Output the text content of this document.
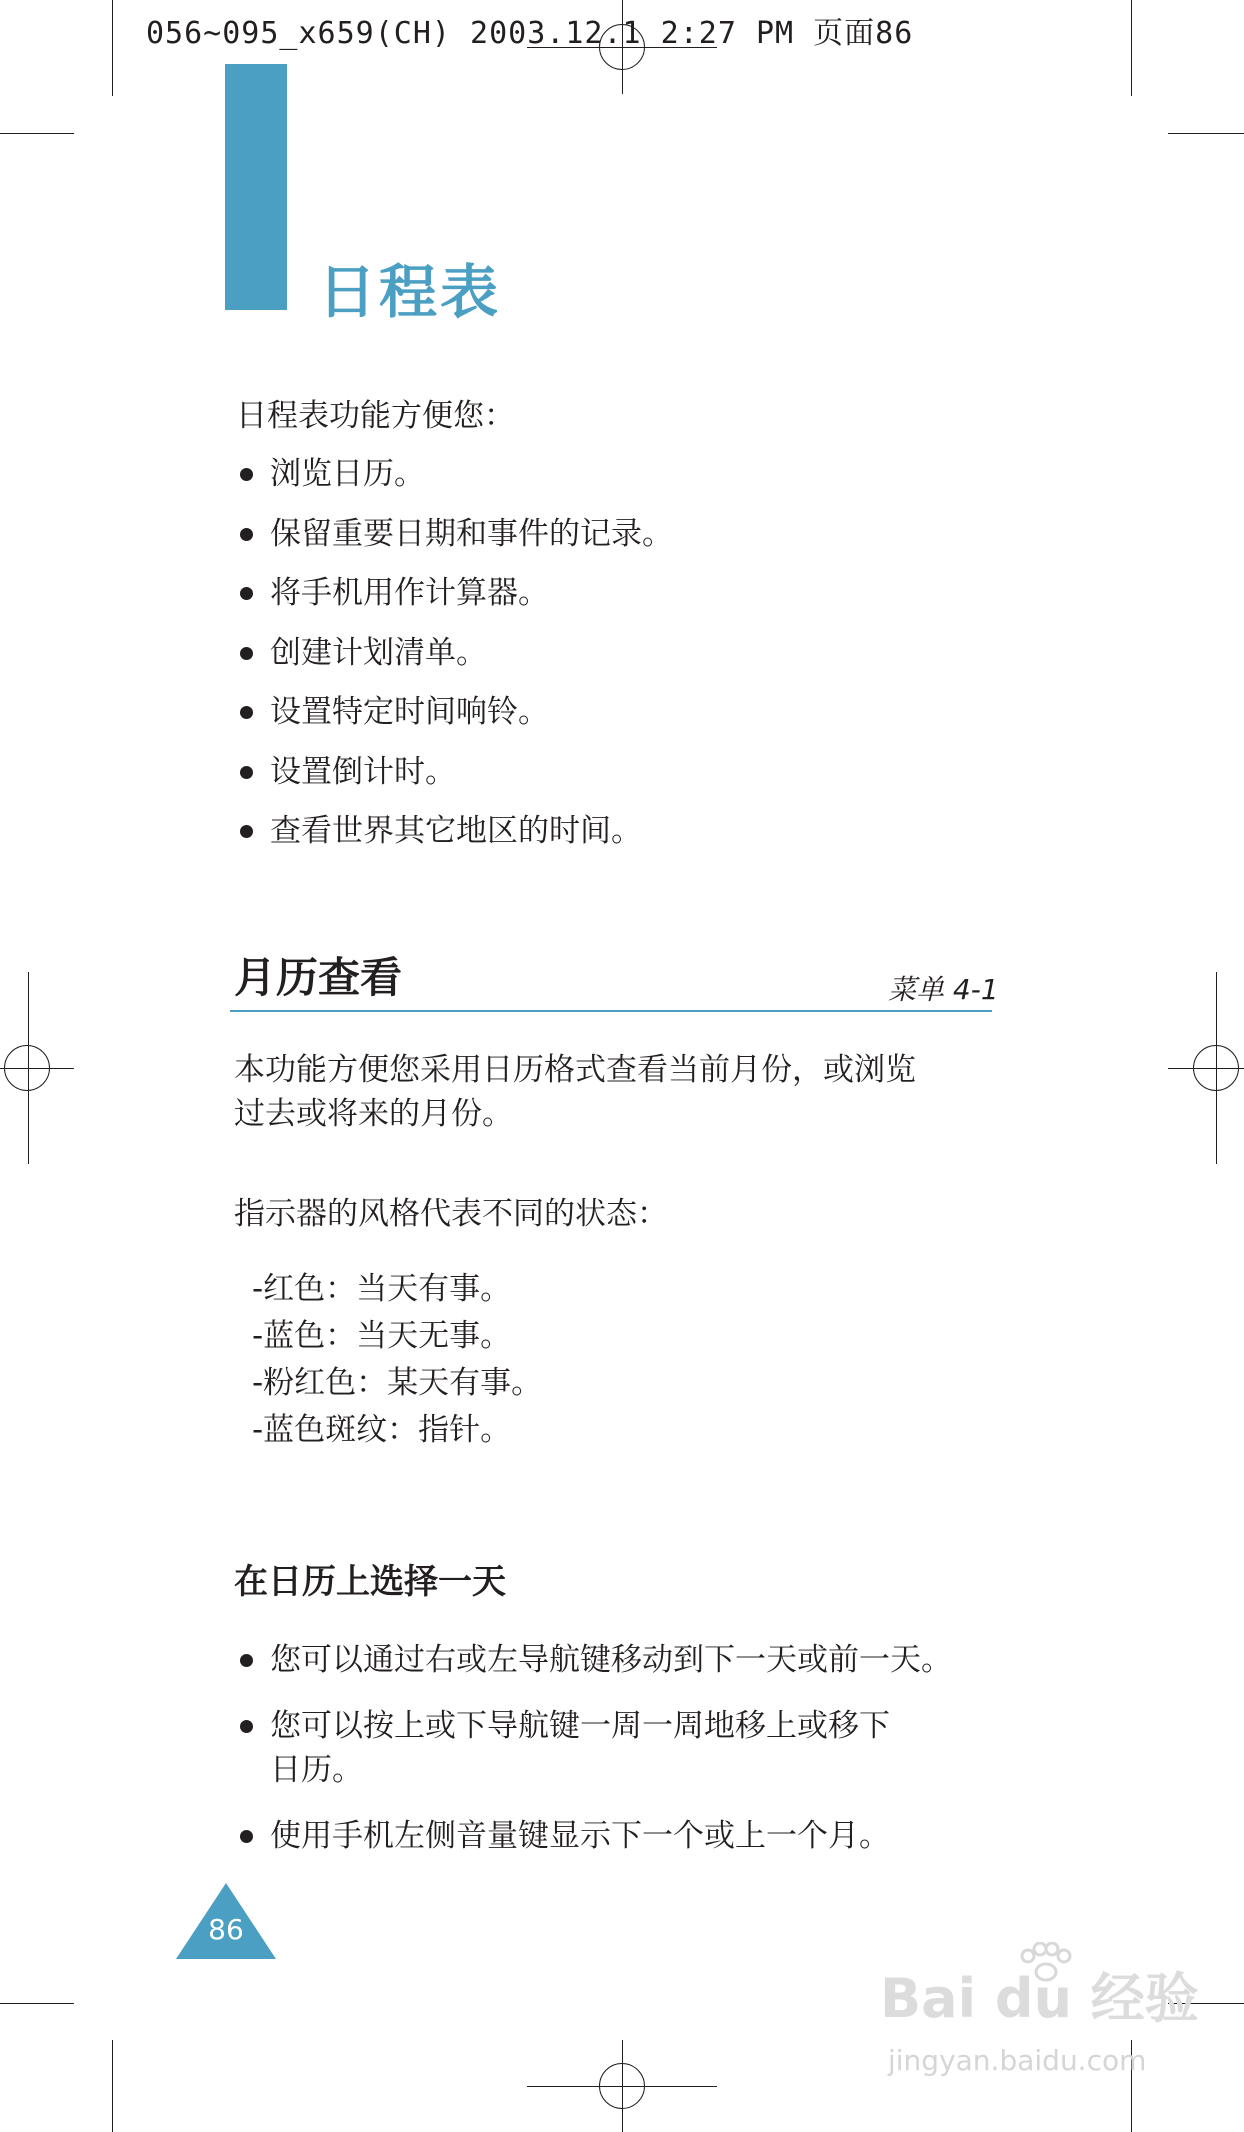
056~095_x659(CH) 2003.12.1 2:27 PM 页面86
日程表
日程表功能方便您：
浏览日历。
保留重要日期和事件的记录。
将手机用作计算器。
创建计划清单。
设置特定时间响铃。
设置倒计时。
查看世界其它地区的时间。
月历查看	菜单 4-1
本功能方便您采用日历格式查看当前月份，或浏览
过去或将来的月份。
指示器的风格代表不同的状态：
-红色：当天有事。
-蓝色：当天无事。
-粉红色：某天有事。
-蓝色斑纹：指针。
在日历上选择一天
您可以通过右或左导航键移动到下一天或前一天。
您可以按上或下导航键一周一周地移上或移下
日历。
使用手机左侧音量键显示下一个或上一个月。
86
Bai du 经验
jingyan.baidu.com
